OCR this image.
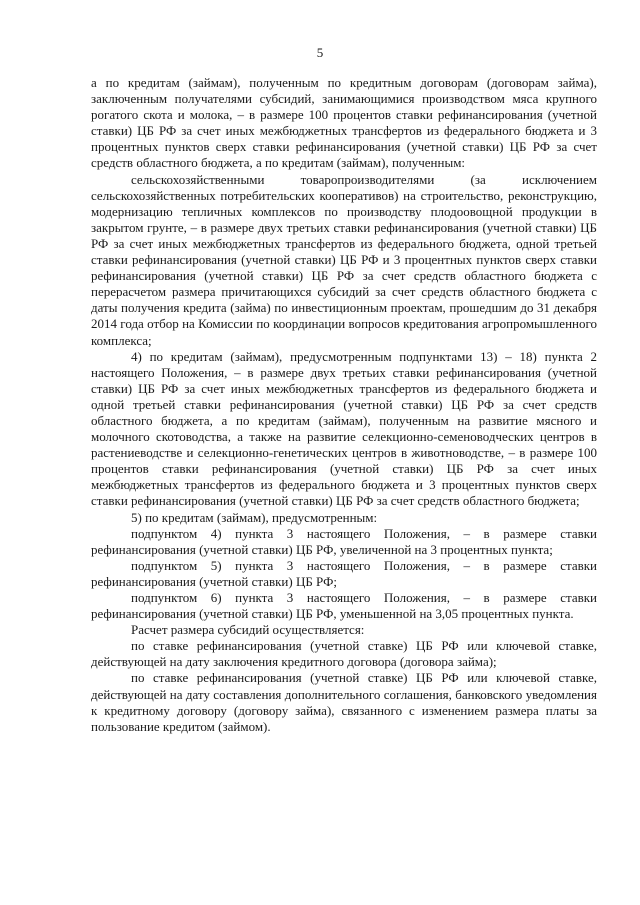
5

а по кредитам (займам), полученным по кредитным договорам (договорам займа), заключенным получателями субсидий, занимающимися производством мяса крупного рогатого скота и молока, – в размере 100 процентов ставки рефинансирования (учетной ставки) ЦБ РФ за счет иных межбюджетных трансфертов из федерального бюджета и 3 процентных пунктов сверх ставки рефинансирования (учетной ставки) ЦБ РФ за счет средств областного бюджета, а по кредитам (займам), полученным:

сельскохозяйственными товаропроизводителями (за исключением сельскохозяйственных потребительских кооперативов) на строительство, реконструкцию, модернизацию тепличных комплексов по производству плодоовощной продукции в закрытом грунте, – в размере двух третьих ставки рефинансирования (учетной ставки) ЦБ РФ за счет иных межбюджетных трансфертов из федерального бюджета, одной третьей ставки рефинансирования (учетной ставки) ЦБ РФ и 3 процентных пунктов сверх ставки рефинансирования (учетной ставки) ЦБ РФ за счет средств областного бюджета с перерасчетом размера причитающихся субсидий за счет средств областного бюджета с даты получения кредита (займа) по инвестиционным проектам, прошедшим до 31 декабря 2014 года отбор на Комиссии по координации вопросов кредитования агропромышленного комплекса;

4) по кредитам (займам), предусмотренным подпунктами 13) – 18) пункта 2 настоящего Положения, – в размере двух третьих ставки рефинансирования (учетной ставки) ЦБ РФ за счет иных межбюджетных трансфертов из федерального бюджета и одной третьей ставки рефинансирования (учетной ставки) ЦБ РФ за счет средств областного бюджета, а по кредитам (займам), полученным на развитие мясного и молочного скотоводства, а также на развитие селекционно-семеноводческих центров в растениеводстве и селекционно-генетических центров в животноводстве, – в размере 100 процентов ставки рефинансирования (учетной ставки) ЦБ РФ за счет иных межбюджетных трансфертов из федерального бюджета и 3 процентных пунктов сверх ставки рефинансирования (учетной ставки) ЦБ РФ за счет средств областного бюджета;

5) по кредитам (займам), предусмотренным:

подпунктом 4) пункта 3 настоящего Положения, – в размере ставки рефинансирования (учетной ставки) ЦБ РФ, увеличенной на 3 процентных пункта;

подпунктом 5) пункта 3 настоящего Положения, – в размере ставки рефинансирования (учетной ставки) ЦБ РФ;

подпунктом 6) пункта 3 настоящего Положения, – в размере ставки рефинансирования (учетной ставки) ЦБ РФ, уменьшенной на 3,05 процентных пункта.

Расчет размера субсидий осуществляется:

по ставке рефинансирования (учетной ставке) ЦБ РФ или ключевой ставке, действующей на дату заключения кредитного договора (договора займа);

по ставке рефинансирования (учетной ставке) ЦБ РФ или ключевой ставке, действующей на дату составления дополнительного соглашения, банковского уведомления к кредитному договору (договору займа), связанного с изменением размера платы за пользование кредитом (займом).
